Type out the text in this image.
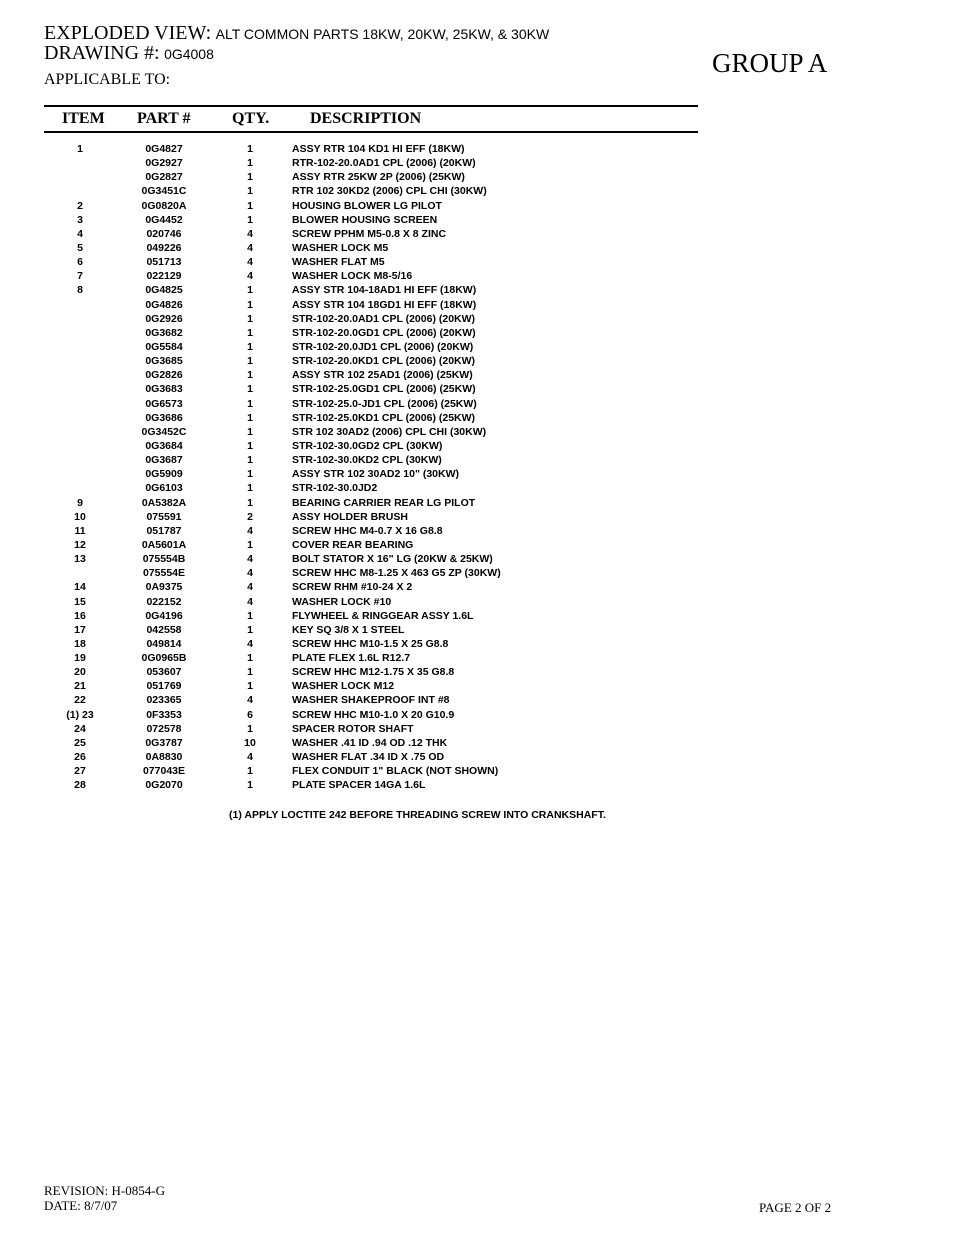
EXPLODED VIEW: ALT COMMON PARTS 18KW, 20KW, 25KW, & 30KW
DRAWING #: 0G4008
APPLICABLE TO:
GROUP A
ITEM PART #	QTY.	DESCRIPTION
1	0G4827	1	ASSY RTR 104 KD1 HI EFF (18KW)
0G2927	1	RTR-102-20.0AD1 CPL (2006) (20KW)
0G2827	1	ASSY RTR 25KW 2P (2006) (25KW)
0G3451C	1	RTR 102 30KD2 (2006) CPL CHI (30KW)
2	0G0820A	1	HOUSING BLOWER LG PILOT
3	0G4452	1	BLOWER HOUSING SCREEN
4	020746	4	SCREW PPHM M5-0.8 X 8 ZINC
5	049226	4	WASHER LOCK M5
6	051713	4	WASHER FLAT M5
7	022129	4	WASHER LOCK M8-5/16
8	0G4825	1	ASSY STR 104-18AD1 HI EFF (18KW)
0G4826	1	ASSY STR 104 18GD1 HI EFF (18KW)
0G2926	1	STR-102-20.0AD1 CPL (2006) (20KW)
0G3682	1	STR-102-20.0GD1 CPL (2006) (20KW)
0G5584	1	STR-102-20.0JD1 CPL (2006) (20KW)
0G3685	1	STR-102-20.0KD1 CPL (2006) (20KW)
0G2826	1	ASSY STR 102 25AD1 (2006) (25KW)
0G3683	1	STR-102-25.0GD1 CPL (2006) (25KW)
0G6573	1	STR-102-25.0-JD1 CPL (2006) (25KW)
0G3686	1	STR-102-25.0KD1 CPL (2006) (25KW)
0G3452C	1	STR 102 30AD2 (2006) CPL CHI (30KW)
0G3684	1	STR-102-30.0GD2 CPL (30KW)
0G3687	1	STR-102-30.0KD2 CPL (30KW)
0G5909	1	ASSY STR 102 30AD2 10" (30KW)
0G6103	1	STR-102-30.0JD2
9	0A5382A	1	BEARING CARRIER REAR LG PILOT
10	075591	2	ASSY HOLDER BRUSH
11	051787	4	SCREW HHC M4-0.7 X 16 G8.8
12	0A5601A	1	COVER REAR BEARING
13	075554B	4	BOLT STATOR X 16" LG (20KW & 25KW)
075554E	4	SCREW HHC M8-1.25 X 463 G5 ZP (30KW)
14	0A9375	4	SCREW RHM #10-24 X 2
15	022152	4	WASHER LOCK #10
16	0G4196	1	FLYWHEEL & RINGGEAR ASSY 1.6L
17	042558	1	KEY SQ 3/8 X 1 STEEL
18	049814	4	SCREW HHC M10-1.5 X 25 G8.8
19	0G0965B	1	PLATE FLEX 1.6L R12.7
20	053607	1	SCREW HHC M12-1.75 X 35 G8.8
21	051769	1	WASHER LOCK M12
22	023365	4	WASHER SHAKEPROOF INT #8
(1) 23	0F3353	6	SCREW HHC M10-1.0 X 20 G10.9
24	072578	1	SPACER ROTOR SHAFT
25	0G3787	10	WASHER .41 ID .94 OD .12 THK
26	0A8830	4	WASHER FLAT .34 ID X .75 OD
27	077043E	1	FLEX CONDUIT 1" BLACK (NOT SHOWN)
28	0G2070	1	PLATE SPACER 14GA 1.6L
(1) APPLY LOCTITE 242 BEFORE THREADING SCREW INTO CRANKSHAFT.
REVISION: H-0854-G
DATE: 8/7/07	PAGE 2 OF 2
